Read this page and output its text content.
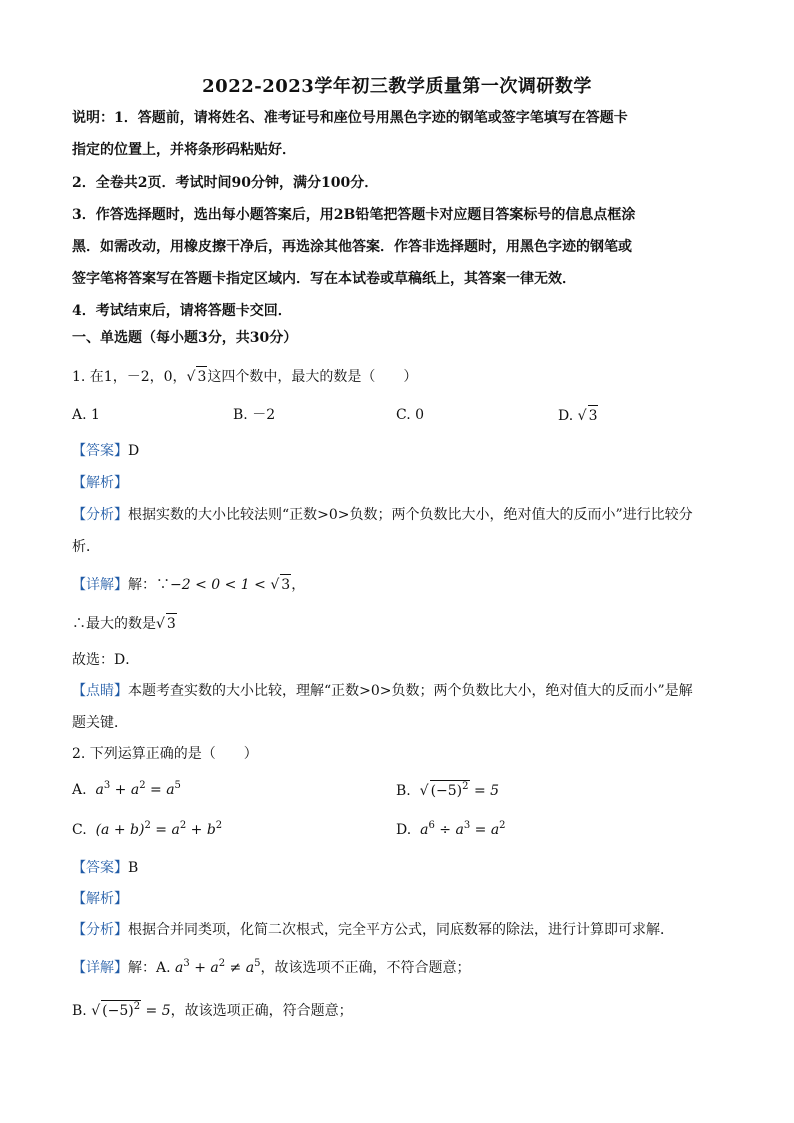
2022-2023学年初三教学质量第一次调研数学
说明：1．答题前，请将姓名、准考证号和座位号用黑色字迹的钢笔或签字笔填写在答题卡
指定的位置上，并将条形码粘贴好．
2．全卷共2页．考试时间90分钟，满分100分．
3．作答选择题时，选出每小题答案后，用2B铅笔把答题卡对应题目答案标号的信息点框涂
黑．如需改动，用橡皮擦干净后，再选涂其他答案．作答非选择题时，用黑色字迹的钢笔或
签字笔将答案写在答题卡指定区域内．写在本试卷或草稿纸上，其答案一律无效．
4．考试结束后，请将答题卡交回．
一、单选题（每小题3分，共30分）
1. 在1，－2，0，√ 3这四个数中，最大的数是（　　）
A. 1	B. －2	C. 0	D. √ 3
【答案】D
【解析】
【分析】根据实数的大小比较法则“正数>0>负数；两个负数比大小，绝对值大的反而小”进行比较分
析．
【详解】解：∵−2 < 0 < 1 < √ 3，
∴最大的数是√ 3
故选：D．
【点睛】本题考查实数的大小比较，理解“正数>0>负数；两个负数比大小，绝对值大的反而小”是解
题关键．
2. 下列运算正确的是（　　）
A. $a^3 + a^2 = a^5$	B. √ $(-5)^2 = 5$
C. $(a + b)^2 = a^2 + b^2$	D. $a^6 \div a^3 = a^2$
【答案】B
【解析】
【分析】根据合并同类项，化简二次根式，完全平方公式，同底数幂的除法，进行计算即可求解．
【详解】解：A. $a^3 + a^2 \ne a^5$，故该选项不正确，不符合题意；
B. √ $(-5)^2 = 5$，故该选项正确，符合题意；
